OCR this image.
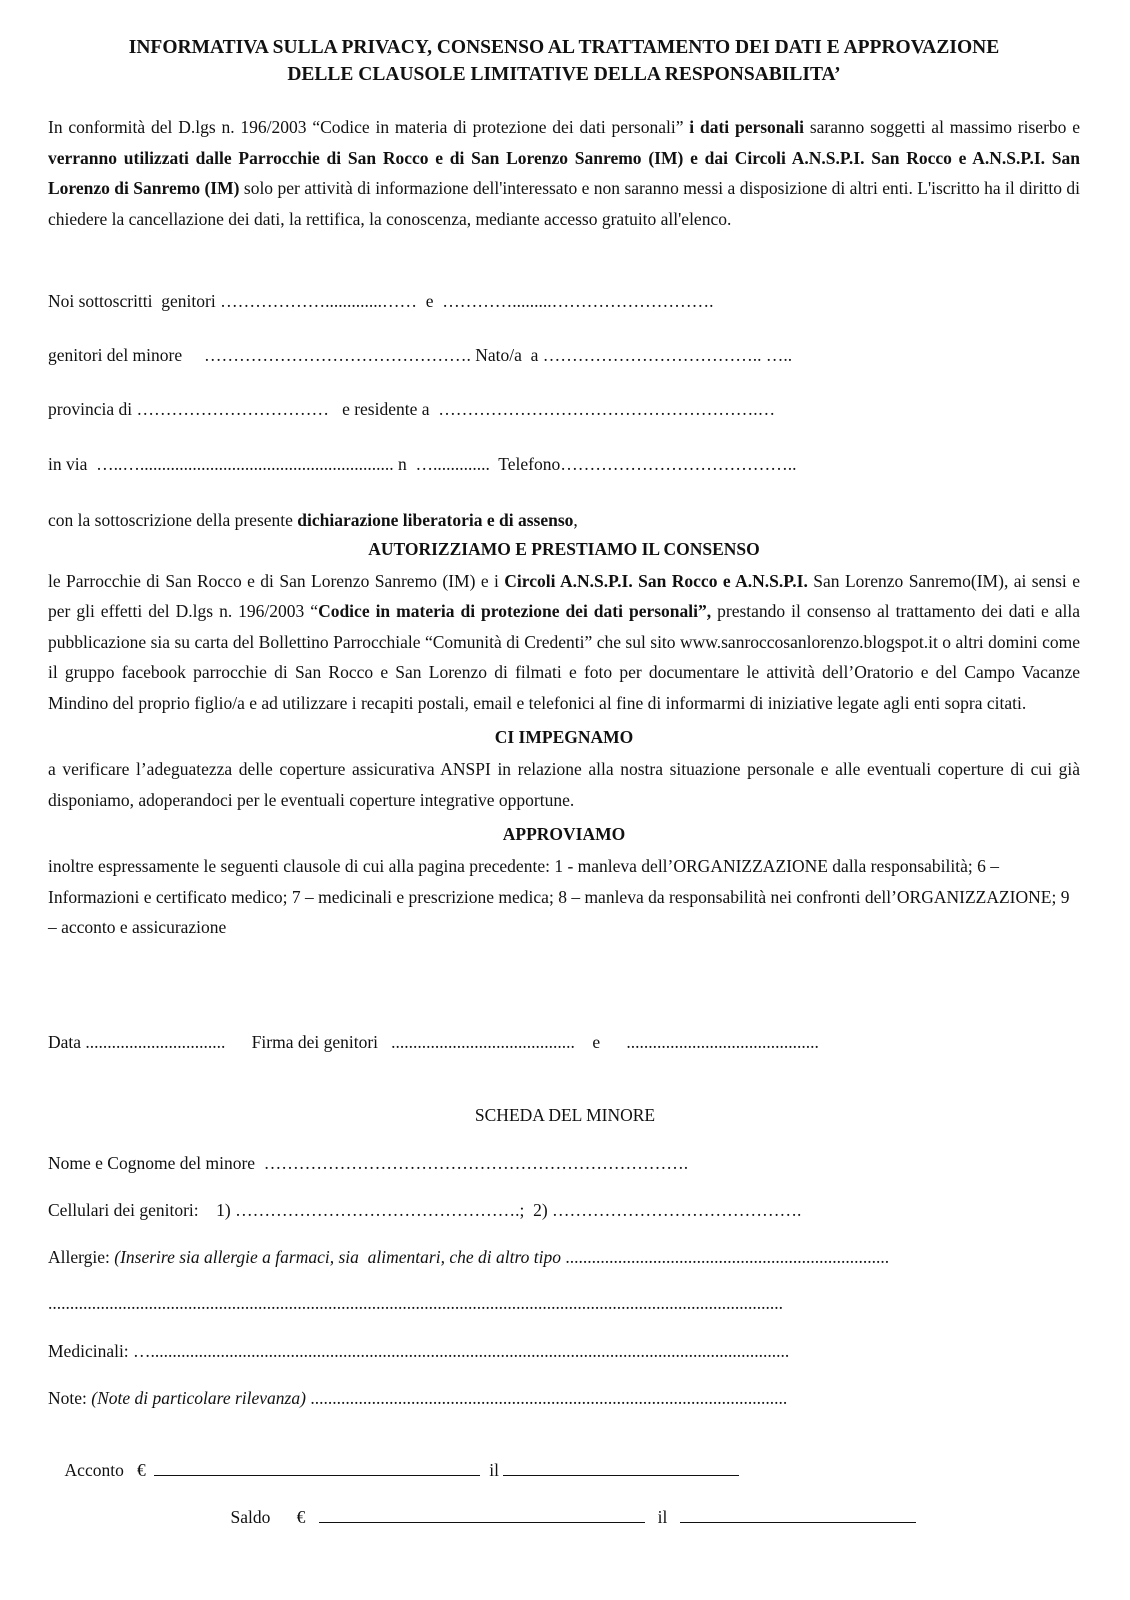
INFORMATIVA SULLA PRIVACY, CONSENSO AL TRATTAMENTO DEI DATI E APPROVAZIONE
DELLE CLAUSOLE LIMITATIVE DELLA RESPONSABILITA’

In conformità del D.lgs n. 196/2003 “Codice in materia di protezione dei dati personali” i dati personali saranno soggetti al massimo riserbo e verranno utilizzati dalle Parrocchie di San Rocco e di San Lorenzo Sanremo (IM) e dai Circoli A.N.S.P.I. San Rocco e A.N.S.P.I. San Lorenzo di Sanremo (IM) solo per attività di informazione dell'interessato e non saranno messi a disposizione di altri enti. L'iscritto ha il diritto di chiedere la cancellazione dei dati, la rettifica, la conoscenza, mediante accesso gratuito all'elenco.

Noi sottoscritti  genitori ……………….............……  e  ………….........……………………….
genitori del minore     ………………………………………. Nato/a  a ……………………………….. …..
provincia di ……………………………   e residente a  ……………………………………………….…
in via  …..….......................................................... n  ….............  Telefono…………………………………..

con la sottoscrizione della presente dichiarazione liberatoria e di assenso,

AUTORIZZIAMO E PRESTIAMO IL CONSENSO

le Parrocchie di San Rocco e di San Lorenzo Sanremo (IM) e i Circoli A.N.S.P.I. San Rocco e A.N.S.P.I. San Lorenzo Sanremo(IM), ai sensi e per gli effetti del D.lgs n. 196/2003 “Codice in materia di protezione dei dati personali”, prestando il consenso al trattamento dei dati e alla pubblicazione sia su carta del Bollettino Parrocchiale “Comunità di Credenti” che sul sito www.sanroccosanlorenzo.blogspot.it o altri domini come il gruppo facebook parrocchie di San Rocco e San Lorenzo di filmati e foto per documentare le attività dell’Oratorio e del Campo Vacanze Mindino del proprio figlio/a e ad utilizzare i recapiti postali, email e telefonici al fine di informarmi di iniziative legate agli enti sopra citati.

CI IMPEGNAMO

a verificare l’adeguatezza delle coperture assicurativa ANSPI in relazione alla nostra situazione personale e alle eventuali coperture di cui già disponiamo, adoperandoci per le eventuali coperture integrative opportune.

APPROVIAMO

inoltre espressamente le seguenti clausole di cui alla pagina precedente: 1 - manleva dell’ORGANIZZAZIONE dalla responsabilità; 6 – Informazioni e certificato medico; 7 – medicinali e prescrizione medica; 8 – manleva da responsabilità nei confronti dell’ORGANIZZAZIONE; 9 – acconto e assicurazione

Data ................................      Firma dei genitori   ..........................................    e      ............................................
SCHEDA DEL MINORE
Nome e Cognome del minore  ……………………………………………………………….
Cellulari dei genitori:    1) ………………………………………….;  2) …………………………………….
Allergie: (Inserire sia allergie a farmaci, sia  alimentari, che di altro tipo ..........................................................................
........................................................................................................................................................................
Medicinali: …..................................................................................................................................................
Note: (Note di particolare rilevanza) .............................................................................................................

Acconto €	il

Saldo €	il
